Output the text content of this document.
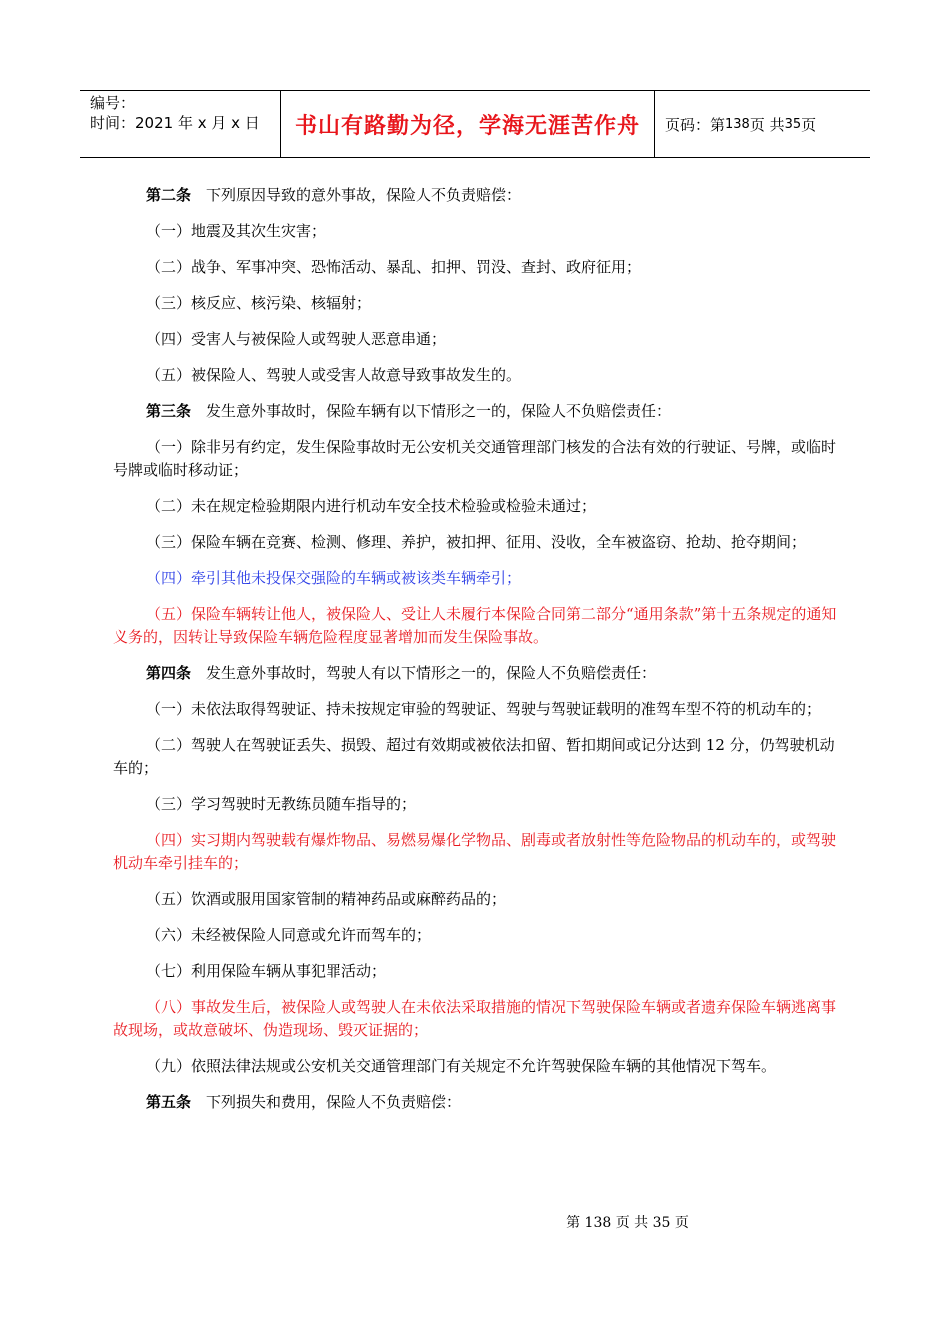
编号：
时间：2021 年 x 月 x 日	书山有路勤为径，学海无涯苦作舟 页码：第 138 页 共 35 页

第二条　下列原因导致的意外事故，保险人不负责赔偿：

（一）地震及其次生灾害；

（二）战争、军事冲突、恐怖活动、暴乱、扣押、罚没、查封、政府征用；

（三）核反应、核污染、核辐射；

（四）受害人与被保险人或驾驶人恶意串通；

（五）被保险人、驾驶人或受害人故意导致事故发生的。

第三条　发生意外事故时，保险车辆有以下情形之一的，保险人不负赔偿责任：

（一）除非另有约定，发生保险事故时无公安机关交通管理部门核发的合法有效的行驶证、号牌，或临时号牌或临时移动证；

（二）未在规定检验期限内进行机动车安全技术检验或检验未通过；

（三）保险车辆在竞赛、检测、修理、养护，被扣押、征用、没收，全车被盗窃、抢劫、抢夺期间；

（四）牵引其他未投保交强险的车辆或被该类车辆牵引；

（五）保险车辆转让他人，被保险人、受让人未履行本保险合同第二部分“通用条款”第十五条规定的通知义务的，因转让导致保险车辆危险程度显著增加而发生保险事故。

第四条　发生意外事故时，驾驶人有以下情形之一的，保险人不负赔偿责任：

（一）未依法取得驾驶证、持未按规定审验的驾驶证、驾驶与驾驶证载明的准驾车型不符的机动车的；

（二）驾驶人在驾驶证丢失、损毁、超过有效期或被依法扣留、暂扣期间或记分达到 12 分，仍驾驶机动车的；

（三）学习驾驶时无教练员随车指导的；

（四）实习期内驾驶载有爆炸物品、易燃易爆化学物品、剧毒或者放射性等危险物品的机动车的，或驾驶机动车牵引挂车的；

（五）饮酒或服用国家管制的精神药品或麻醉药品的；

（六）未经被保险人同意或允许而驾车的；

（七）利用保险车辆从事犯罪活动；

（八）事故发生后，被保险人或驾驶人在未依法采取措施的情况下驾驶保险车辆或者遗弃保险车辆逃离事故现场，或故意破坏、伪造现场、毁灭证据的；

（九）依照法律法规或公安机关交通管理部门有关规定不允许驾驶保险车辆的其他情况下驾车。

第五条　下列损失和费用，保险人不负责赔偿：

第 138 页 共 35 页
